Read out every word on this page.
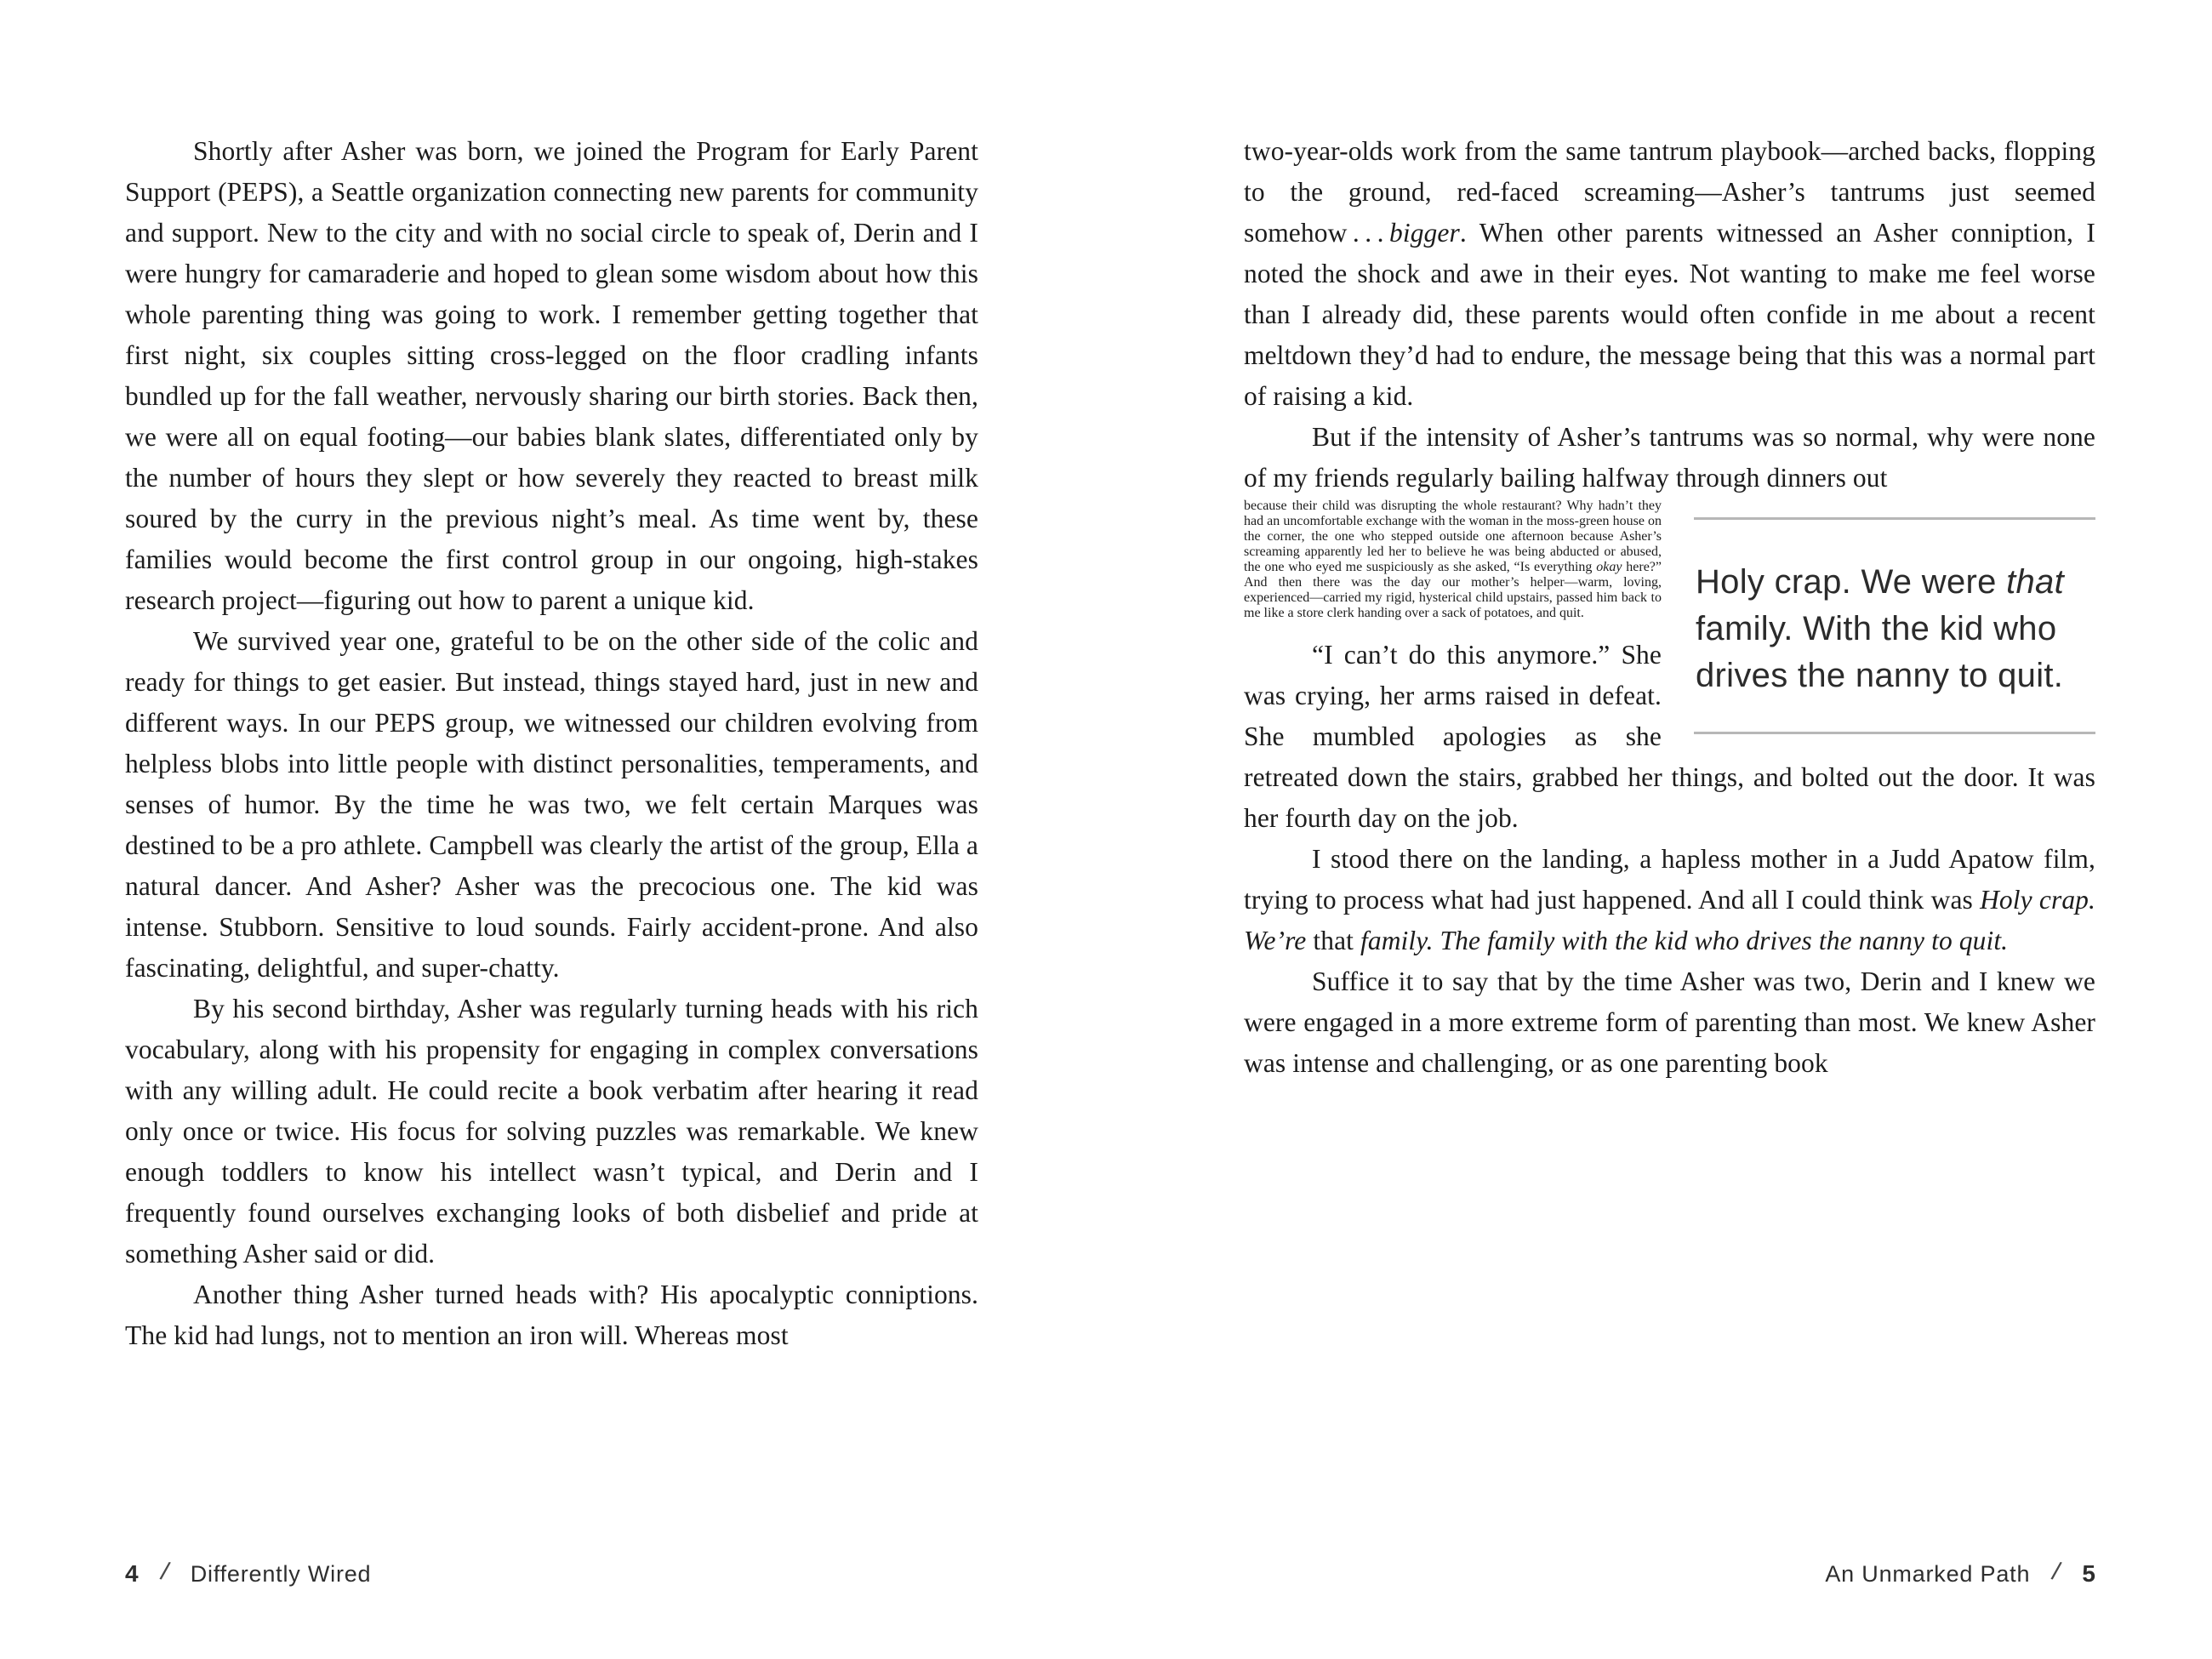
Shortly after Asher was born, we joined the Program for Early Parent Support (PEPS), a Seattle organization connecting new parents for community and support. New to the city and with no social circle to speak of, Derin and I were hungry for camaraderie and hoped to glean some wisdom about how this whole parenting thing was going to work. I remember getting together that first night, six couples sitting cross-legged on the floor cradling infants bundled up for the fall weather, nervously sharing our birth stories. Back then, we were all on equal footing—our babies blank slates, differentiated only by the number of hours they slept or how severely they reacted to breast milk soured by the curry in the previous night’s meal. As time went by, these families would become the first control group in our ongoing, high-stakes research project—figuring out how to parent a unique kid.

We survived year one, grateful to be on the other side of the colic and ready for things to get easier. But instead, things stayed hard, just in new and different ways. In our PEPS group, we witnessed our children evolving from helpless blobs into little people with distinct personalities, temperaments, and senses of humor. By the time he was two, we felt certain Marques was destined to be a pro athlete. Campbell was clearly the artist of the group, Ella a natural dancer. And Asher? Asher was the precocious one. The kid was intense. Stubborn. Sensitive to loud sounds. Fairly accident-prone. And also fascinating, delightful, and super-chatty.

By his second birthday, Asher was regularly turning heads with his rich vocabulary, along with his propensity for engaging in complex conversations with any willing adult. He could recite a book verbatim after hearing it read only once or twice. His focus for solving puzzles was remarkable. We knew enough toddlers to know his intellect wasn’t typical, and Derin and I frequently found ourselves exchanging looks of both disbelief and pride at something Asher said or did.

Another thing Asher turned heads with? His apocalyptic conniptions. The kid had lungs, not to mention an iron will. Whereas most

4 / Differently Wired

two-year-olds work from the same tantrum playbook—arched backs, flopping to the ground, red-faced screaming—Asher’s tantrums just seemed somehow . . . bigger. When other parents witnessed an Asher conniption, I noted the shock and awe in their eyes. Not wanting to make me feel worse than I already did, these parents would often confide in me about a recent meltdown they’d had to endure, the message being that this was a normal part of raising a kid.

But if the intensity of Asher’s tantrums was so normal, why were none of my friends regularly bailing halfway through dinners out

Holy crap. We were that family. With the kid who drives the nanny to quit.
because their child was disrupting the whole restaurant? Why hadn’t they had an uncomfortable exchange with the woman in the moss-green house on the corner, the one who stepped outside one afternoon because Asher’s screaming apparently led her to believe he was being abducted or abused, the one who eyed me suspiciously as she asked, “Is everything okay here?” And then there was the day our mother’s helper—warm, loving, experienced—carried my rigid, hysterical child upstairs, passed him back to me like a store clerk handing over a sack of potatoes, and quit.

“I can’t do this anymore.” She was crying, her arms raised in defeat. She mumbled apologies as she retreated down the stairs, grabbed her things, and bolted out the door. It was her fourth day on the job.

I stood there on the landing, a hapless mother in a Judd Apatow film, trying to process what had just happened. And all I could think was Holy crap. We’re that family. The family with the kid who drives the nanny to quit.

Suffice it to say that by the time Asher was two, Derin and I knew we were engaged in a more extreme form of parenting than most. We knew Asher was intense and challenging, or as one parenting book

An Unmarked Path / 5
